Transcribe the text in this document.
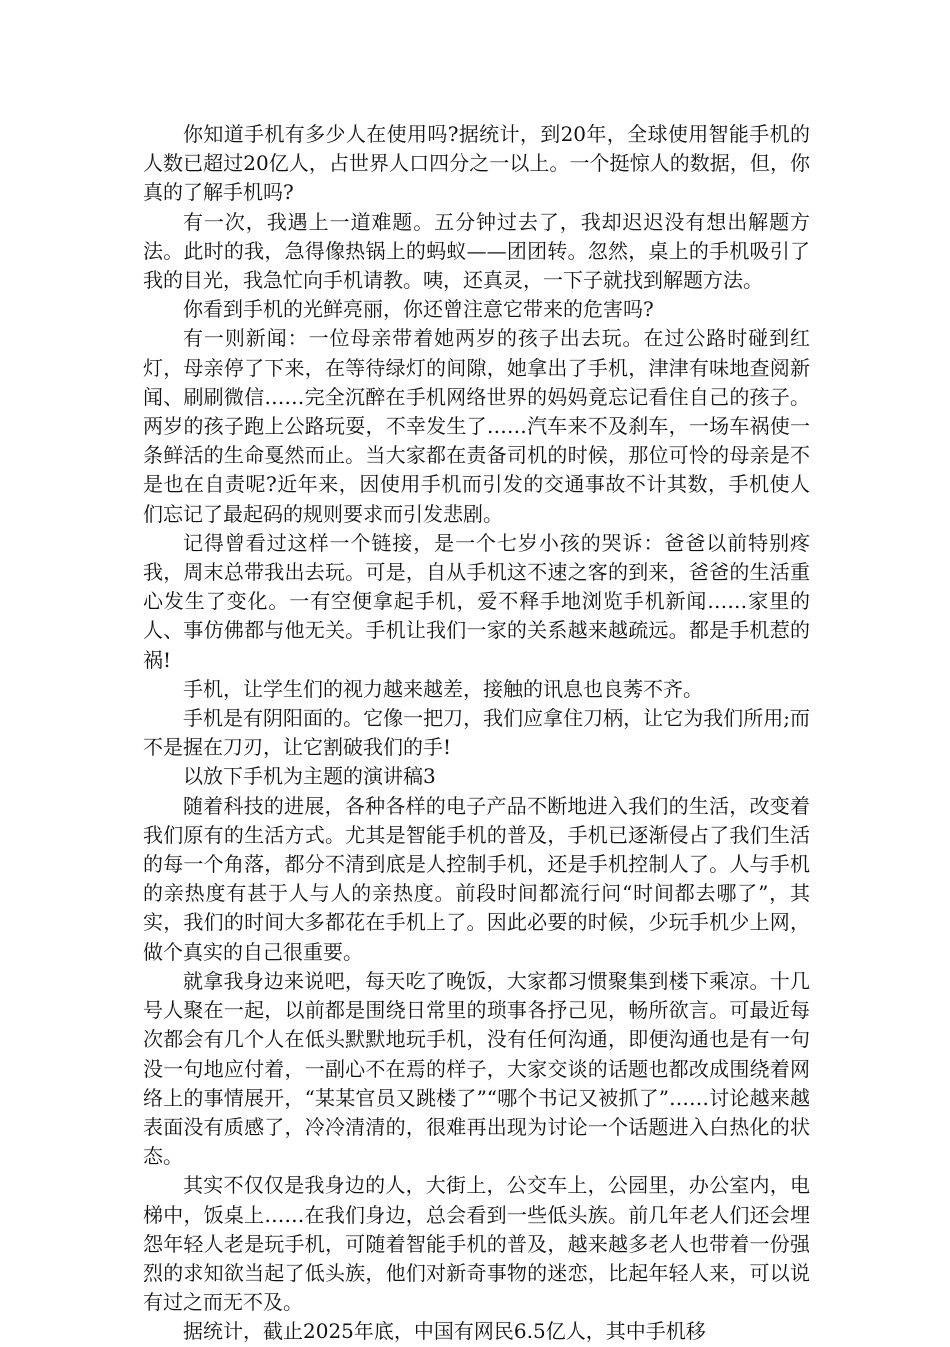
你知道手机有多少人在使用吗?据统计，到20年，全球使用智能手机的人数已超过20亿人，占世界人口四分之一以上。一个挺惊人的数据，但，你真的了解手机吗?

有一次，我遇上一道难题。五分钟过去了，我却迟迟没有想出解题方法。此时的我，急得像热锅上的蚂蚁——团团转。忽然，桌上的手机吸引了我的目光，我急忙向手机请教。咦，还真灵，一下子就找到解题方法。

你看到手机的光鲜亮丽，你还曾注意它带来的危害吗?

有一则新闻：一位母亲带着她两岁的孩子出去玩。在过公路时碰到红灯，母亲停了下来，在等待绿灯的间隙，她拿出了手机，津津有味地查阅新闻、刷刷微信……完全沉醉在手机网络世界的妈妈竟忘记看住自己的孩子。两岁的孩子跑上公路玩耍，不幸发生了……汽车来不及刹车，一场车祸使一条鲜活的生命戛然而止。当大家都在责备司机的时候，那位可怜的母亲是不是也在自责呢?近年来，因使用手机而引发的交通事故不计其数，手机使人们忘记了最起码的规则要求而引发悲剧。

记得曾看过这样一个链接，是一个七岁小孩的哭诉：爸爸以前特别疼我，周末总带我出去玩。可是，自从手机这不速之客的到来，爸爸的生活重心发生了变化。一有空便拿起手机，爱不释手地浏览手机新闻……家里的人、事仿佛都与他无关。手机让我们一家的关系越来越疏远。都是手机惹的祸!

手机，让学生们的视力越来越差，接触的讯息也良莠不齐。

手机是有阴阳面的。它像一把刀，我们应拿住刀柄，让它为我们所用;而不是握在刀刃，让它割破我们的手!

以放下手机为主题的演讲稿3

随着科技的进展，各种各样的电子产品不断地进入我们的生活，改变着我们原有的生活方式。尤其是智能手机的普及，手机已逐渐侵占了我们生活的每一个角落，都分不清到底是人控制手机，还是手机控制人了。人与手机的亲热度有甚于人与人的亲热度。前段时间都流行问“时间都去哪了”，其实，我们的时间大多都花在手机上了。因此必要的时候，少玩手机少上网，做个真实的自己很重要。

就拿我身边来说吧，每天吃了晚饭，大家都习惯聚集到楼下乘凉。十几号人聚在一起，以前都是围绕日常里的琐事各抒己见，畅所欲言。可最近每次都会有几个人在低头默默地玩手机，没有任何沟通，即便沟通也是有一句没一句地应付着，一副心不在焉的样子，大家交谈的话题也都改成围绕着网络上的事情展开，“某某官员又跳楼了”“哪个书记又被抓了”……讨论越来越表面没有质感了，冷冷清清的，很难再出现为讨论一个话题进入白热化的状态。

其实不仅仅是我身边的人，大街上，公交车上，公园里，办公室内，电梯中，饭桌上……在我们身边，总会看到一些低头族。前几年老人们还会埋怨年轻人老是玩手机，可随着智能手机的普及，越来越多老人也带着一份强烈的求知欲当起了低头族，他们对新奇事物的迷恋，比起年轻人来，可以说有过之而无不及。

据统计，截止2025年底，中国有网民6.5亿人，其中手机移
